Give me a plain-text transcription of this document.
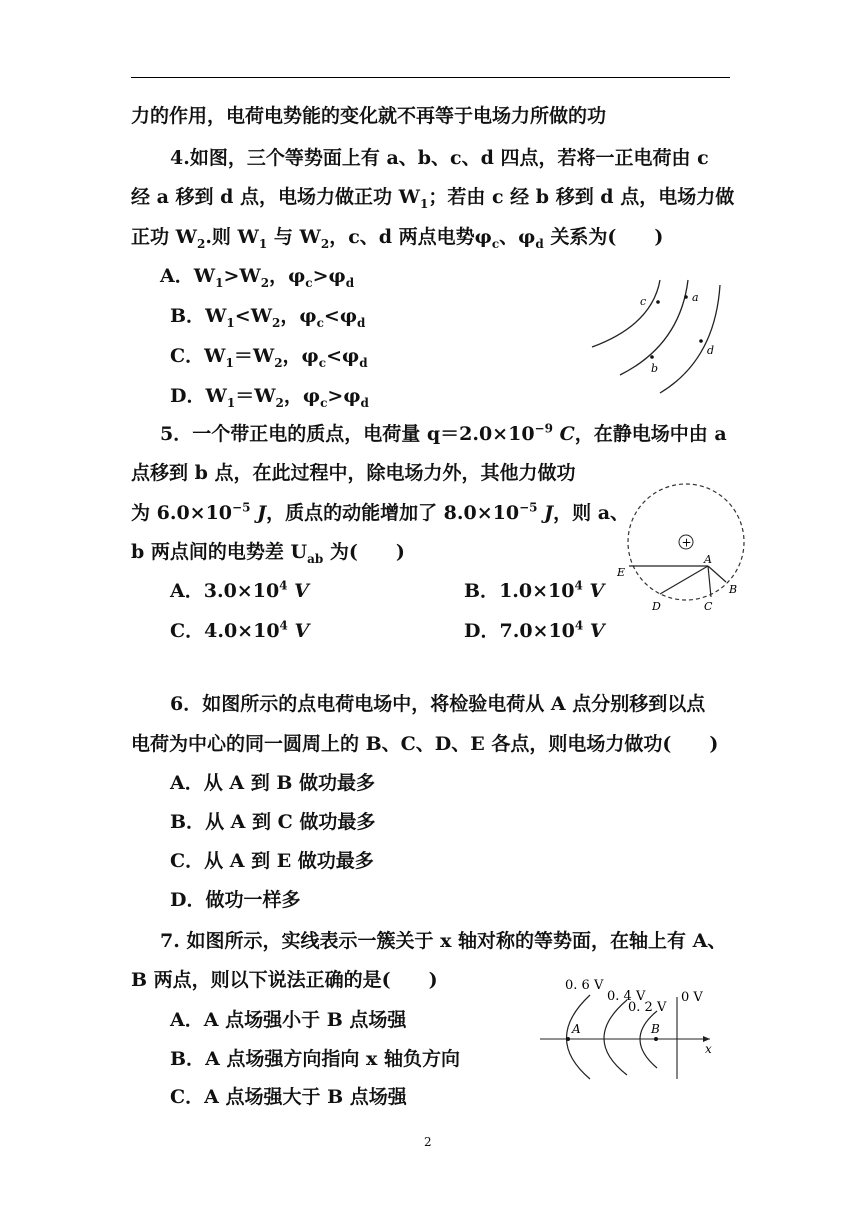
力的作用，电荷电势能的变化就不再等于电场力所做的功
4.如图，三个等势面上有 a、b、c、d 四点，若将一正电荷由 c
经 a 移到 d 点，电场力做正功 $W_1$；若由 c 经 b 移到 d 点，电场力做
正功 $W_2$.则 $W_1$ 与 $W_2$，c、d 两点电势$\varphi_c$、$\varphi_d$ 关系为(　　)
A．$W_1>W_2$，$\varphi_c>\varphi_d$
B．$W_1<W_2$，$\varphi_c<\varphi_d$
C．$W_1=W_2$，$\varphi_c<\varphi_d$
D．$W_1=W_2$，$\varphi_c>\varphi_d$
c	a
b
d
5．一个带正电的质点，电荷量 $q=2.0\times 10^{-9}$ C，在静电场中由 a
点移到 b 点，在此过程中，除电场力外，其他力做功
为 $6.0\times 10^{-5}$ J，质点的动能增加了 $8.0\times 10^{-5}$ J，则 a、
b 两点间的电势差 $U_{ab}$ 为(　　)
A．$3.0\times 10^4$ V	B．$1.0\times 10^4$ V
C．$4.0\times 10^4$ V	D．$7.0\times 10^4$ V
+
A
E
D	C
B
6．如图所示的点电荷电场中，将检验电荷从 A 点分别移到以点
电荷为中心的同一圆周上的 B、C、D、E 各点，则电场力做功(　　)
A．从 A 到 B 做功最多
B．从 A 到 C 做功最多
C．从 A 到 E 做功最多
D．做功一样多
7. 如图所示，实线表示一簇关于 x 轴对称的等势面，在轴上有 A、
B 两点，则以下说法正确的是(　　)
A．A 点场强小于 B 点场强
B．A 点场强方向指向 x 轴负方向
C．A 点场强大于 B 点场强
0. 6 V
0. 4 V
0. 2 V
0 V
A	B
x
2
